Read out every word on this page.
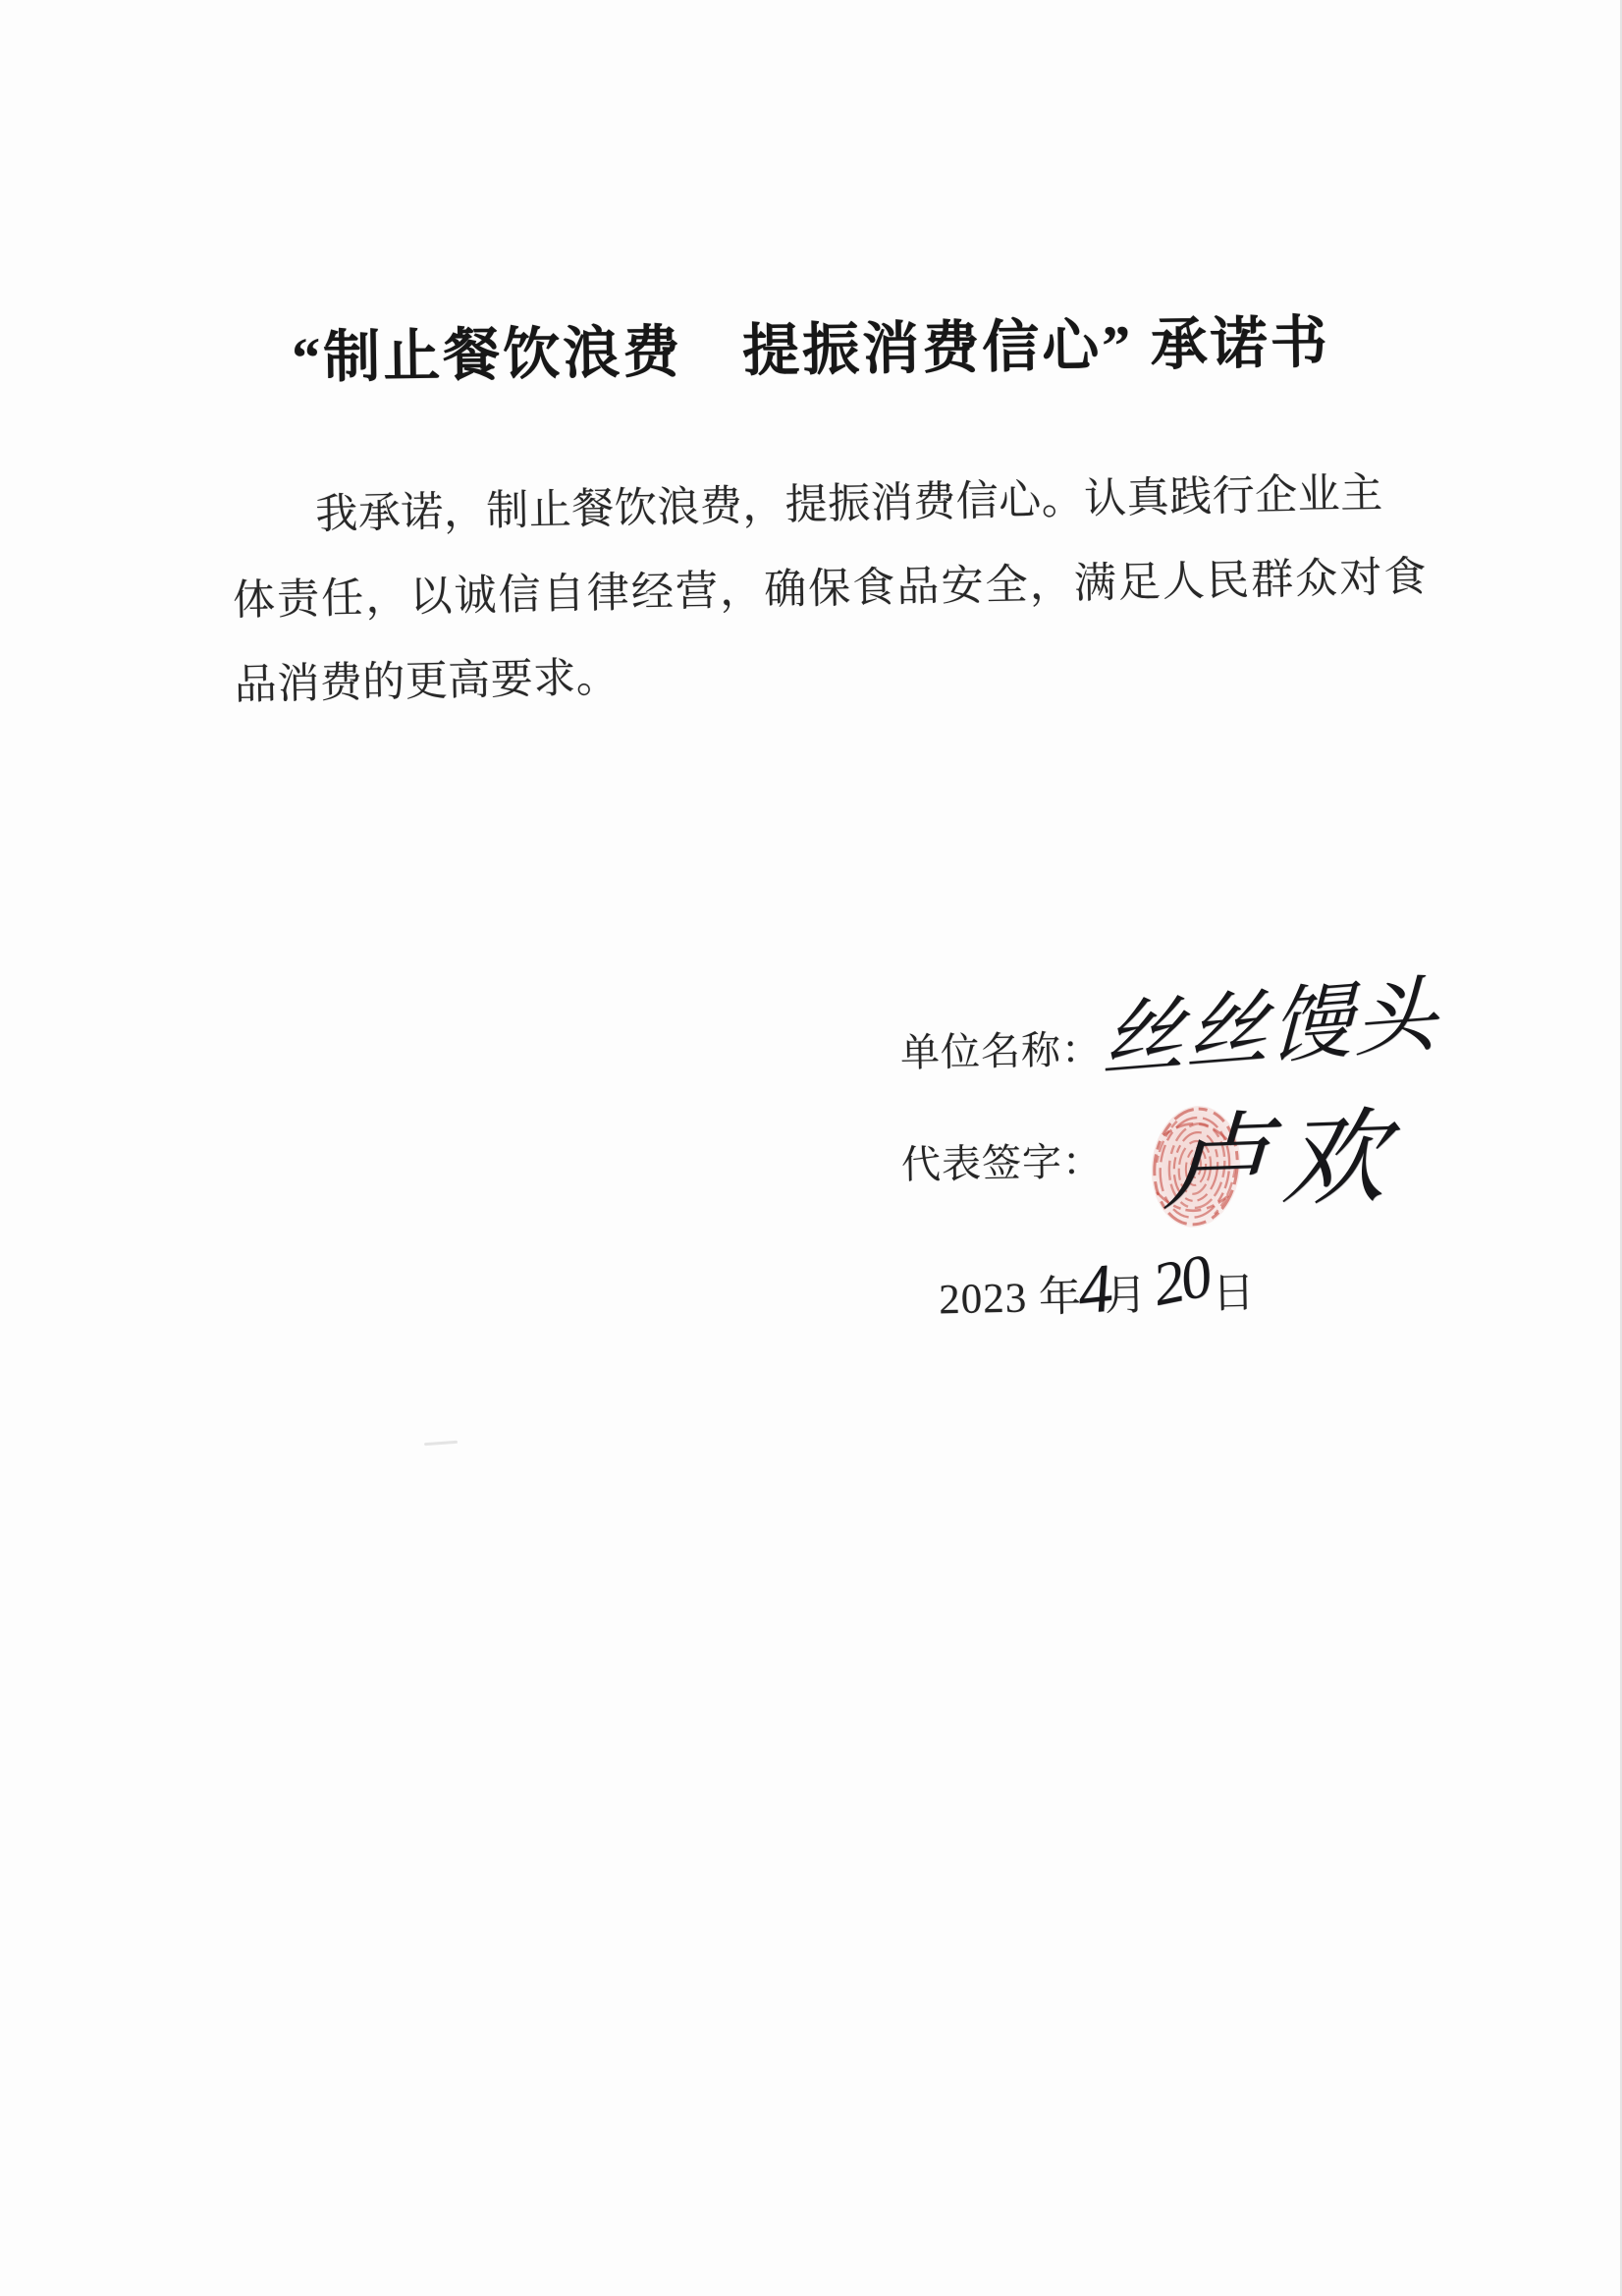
“制止餐饮浪费　提振消费信心” 承诺书
我承诺，制止餐饮浪费，提振消费信心。认真践行企业主
体责任，以诚信自律经营，确保食品安全，满足人民群众对食
品消费的更高要求。
单位名称：
丝丝馒头
代表签字： 卢欢
2023 年
4
月 20
日
